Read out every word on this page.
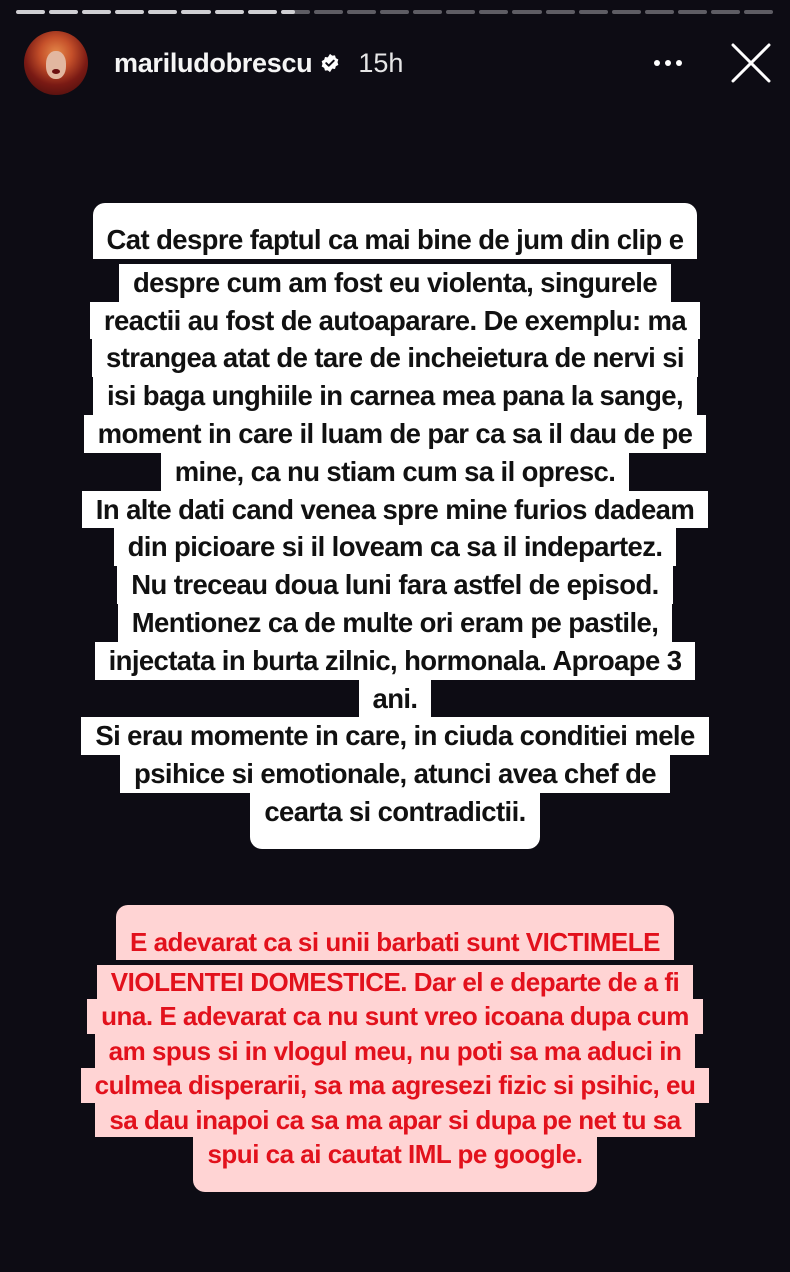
mariludobrescu 15h
Cat despre faptul ca mai bine de jum din clip e
despre cum am fost eu violenta, singurele
reactii au fost de autoaparare. De exemplu: ma
strangea atat de tare de incheietura de nervi si
isi baga unghiile in carnea mea pana la sange,
moment in care il luam de par ca sa il dau de pe
mine, ca nu stiam cum sa il opresc.
In alte dati cand venea spre mine furios dadeam
din picioare si il loveam ca sa il indepartez.
Nu treceau doua luni fara astfel de episod.
Mentionez ca de multe ori eram pe pastile,
injectata in burta zilnic, hormonala. Aproape 3
ani.
Si erau momente in care, in ciuda conditiei mele
psihice si emotionale, atunci avea chef de
cearta si contradictii.
E adevarat ca si unii barbati sunt VICTIMELE
VIOLENTEI DOMESTICE. Dar el e departe de a fi
una. E adevarat ca nu sunt vreo icoana dupa cum
am spus si in vlogul meu, nu poti sa ma aduci in
culmea disperarii, sa ma agresezi fizic si psihic, eu
sa dau inapoi ca sa ma apar si dupa pe net tu sa
spui ca ai cautat IML pe google.
